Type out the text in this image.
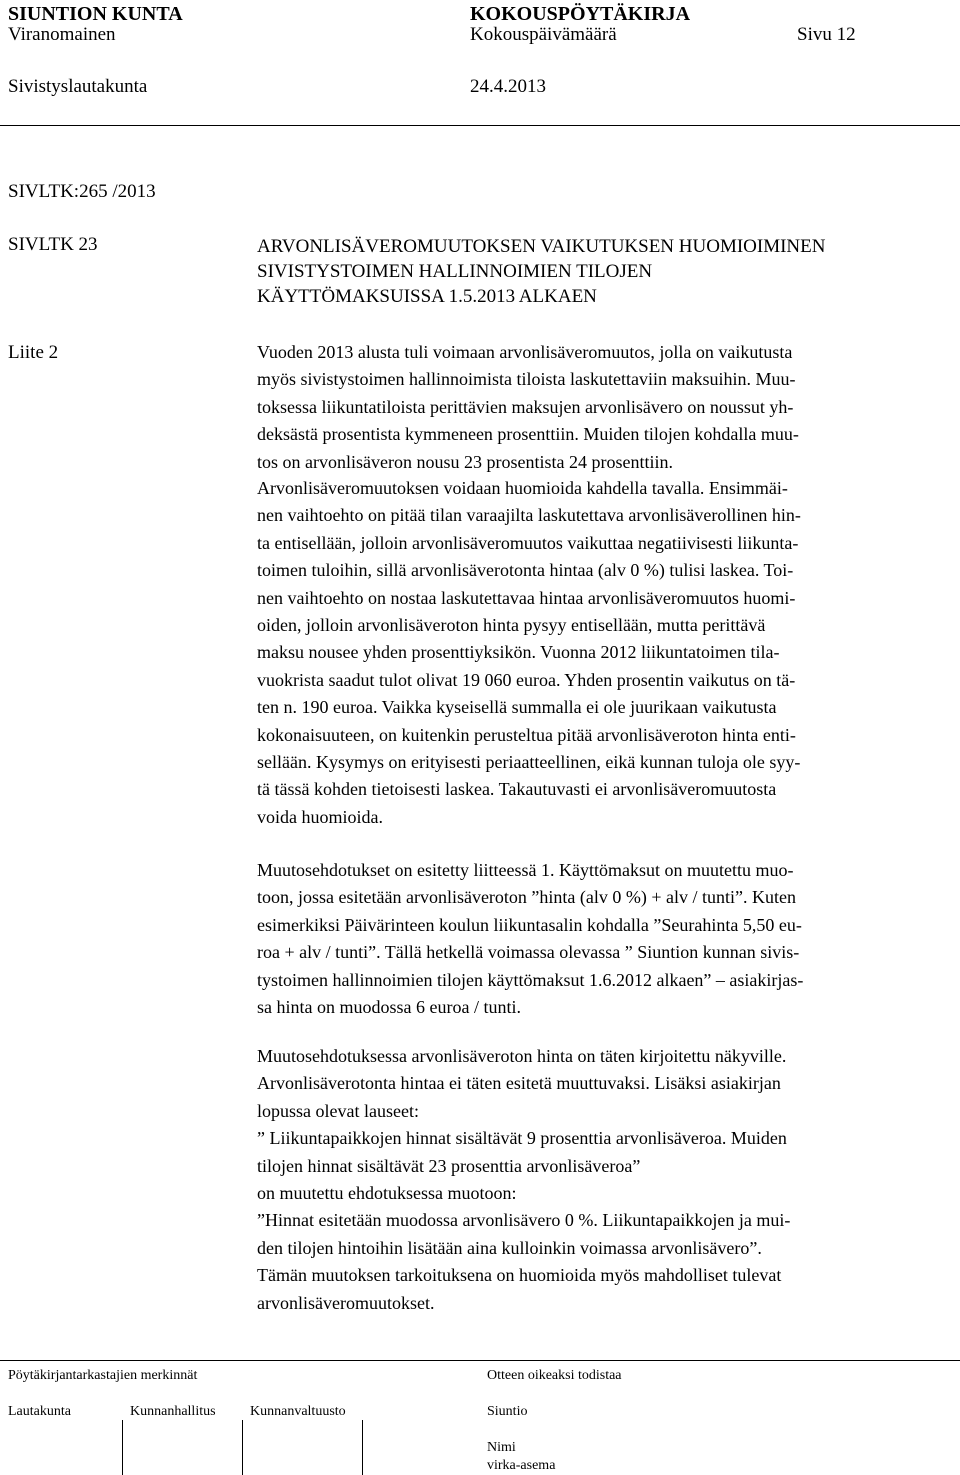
SIUNTION KUNTA	KOKOUSPÖYTÄKIRJA
Viranomainen	Kokouspäivämäärä	Sivu 12
Sivistyslautakunta	24.4.2013
SIVLTK:265 /2013
SIVLTK 23	ARVONLISÄVEROMUUTOKSEN VAIKUTUKSEN HUOMIOIMINEN
SIVISTYSTOIMEN HALLINNOIMIEN TILOJEN
KÄYTTÖMAKSUISSA 1.5.2013 ALKAEN
Liite 2	Vuoden 2013 alusta tuli voimaan arvonlisäveromuutos, jolla on vaikutusta
myös sivistystoimen hallinnoimista tiloista laskutettaviin maksuihin. Muu-
toksessa liikuntatiloista perittävien maksujen arvonlisävero on noussut yh-
deksästä prosentista kymmeneen prosenttiin. Muiden tilojen kohdalla muu-
tos on arvonlisäveron nousu 23 prosentista 24 prosenttiin.
Arvonlisäveromuutoksen voidaan huomioida kahdella tavalla. Ensimmäi-
nen vaihtoehto on pitää tilan varaajilta laskutettava arvonlisäverollinen hin-
ta entisellään, jolloin arvonlisäveromuutos vaikuttaa negatiivisesti liikunta-
toimen tuloihin, sillä arvonlisäverotonta hintaa (alv 0 %) tulisi laskea. Toi-
nen vaihtoehto on nostaa laskutettavaa hintaa arvonlisäveromuutos huomi-
oiden, jolloin arvonlisäveroton hinta pysyy entisellään, mutta perittävä
maksu nousee yhden prosenttiyksikön. Vuonna 2012 liikuntatoimen tila-
vuokrista saadut tulot olivat 19 060 euroa. Yhden prosentin vaikutus on tä-
ten n. 190 euroa. Vaikka kyseisellä summalla ei ole juurikaan vaikutusta
kokonaisuuteen, on kuitenkin perusteltua pitää arvonlisäveroton hinta enti-
sellään. Kysymys on erityisesti periaatteellinen, eikä kunnan tuloja ole syy-
tä tässä kohden tietoisesti laskea. Takautuvasti ei arvonlisäveromuutosta
voida huomioida.
Muutosehdotukset on esitetty liitteessä 1. Käyttömaksut on muutettu muo-
toon, jossa esitetään arvonlisäveroton ”hinta (alv 0 %) + alv / tunti”. Kuten
esimerkiksi Päivärinteen koulun liikuntasalin kohdalla ”Seurahinta 5,50 eu-
roa + alv / tunti”. Tällä hetkellä voimassa olevassa ” Siuntion kunnan sivis-
tystoimen hallinnoimien tilojen käyttömaksut 1.6.2012 alkaen” – asiakirjas-
sa hinta on muodossa 6 euroa / tunti.
Muutosehdotuksessa arvonlisäveroton hinta on täten kirjoitettu näkyville.
Arvonlisäverotonta hintaa ei täten esitetä muuttuvaksi. Lisäksi asiakirjan
lopussa olevat lauseet:
” Liikuntapaikkojen hinnat sisältävät 9 prosenttia arvonlisäveroa. Muiden
tilojen hinnat sisältävät 23 prosenttia arvonlisäveroa”
on muutettu ehdotuksessa muotoon:
”Hinnat esitetään muodossa arvonlisävero 0 %. Liikuntapaikkojen ja mui-
den tilojen hintoihin lisätään aina kulloinkin voimassa arvonlisävero”.
Tämän muutoksen tarkoituksena on huomioida myös mahdolliset tulevat
arvonlisäveromuutokset.
Pöytäkirjantarkastajien merkinnät	Otteen oikeaksi todistaa
Lautakunta	Kunnanhallitus Kunnanvaltuusto	Siuntio
Nimi
virka-asema
